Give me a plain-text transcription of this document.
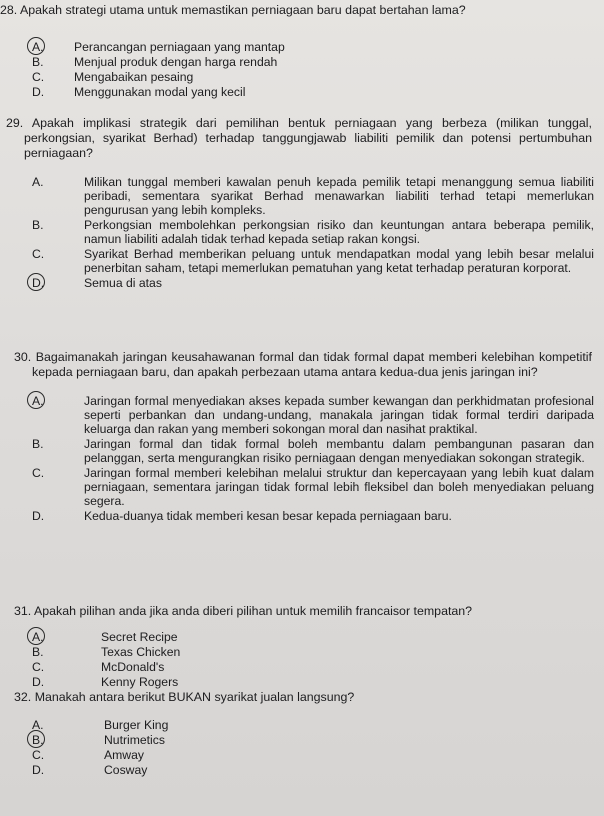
28. Apakah strategi utama untuk memastikan perniagaan baru dapat bertahan lama?

A.	Perancangan perniagaan yang mantap
B.	Menjual produk dengan harga rendah
C.	Mengabaikan pesaing
D.	Menggunakan modal yang kecil

29. Apakah implikasi strategik dari pemilihan bentuk perniagaan yang berbeza (milikan tunggal, perkongsian, syarikat Berhad) terhadap tanggungjawab liabiliti pemilik dan potensi pertumbuhan perniagaan?

A.	Milikan tunggal memberi kawalan penuh kepada pemilik tetapi menanggung semua liabiliti peribadi, sementara syarikat Berhad menawarkan liabiliti terhad tetapi memerlukan pengurusan yang lebih kompleks.
B.	Perkongsian membolehkan perkongsian risiko dan keuntungan antara beberapa pemilik, namun liabiliti adalah tidak terhad kepada setiap rakan kongsi.
C.	Syarikat Berhad memberikan peluang untuk mendapatkan modal yang lebih besar melalui penerbitan saham, tetapi memerlukan pematuhan yang ketat terhadap peraturan korporat.
D.	Semua di atas

30. Bagaimanakah jaringan keusahawanan formal dan tidak formal dapat memberi kelebihan kompetitif kepada perniagaan baru, dan apakah perbezaan utama antara kedua-dua jenis jaringan ini?

A.	Jaringan formal menyediakan akses kepada sumber kewangan dan perkhidmatan profesional seperti perbankan dan undang-undang, manakala jaringan tidak formal terdiri daripada keluarga dan rakan yang memberi sokongan moral dan nasihat praktikal.
B.	Jaringan formal dan tidak formal boleh membantu dalam pembangunan pasaran dan pelanggan, serta mengurangkan risiko perniagaan dengan menyediakan sokongan strategik.
C.	Jaringan formal memberi kelebihan melalui struktur dan kepercayaan yang lebih kuat dalam perniagaan, sementara jaringan tidak formal lebih fleksibel dan boleh menyediakan peluang segera.
D.	Kedua-duanya tidak memberi kesan besar kepada perniagaan baru.

31. Apakah pilihan anda jika anda diberi pilihan untuk memilih francaisor tempatan?

A.	Secret Recipe
B.	Texas Chicken
C.	McDonald's
D.	Kenny Rogers

32. Manakah antara berikut BUKAN syarikat jualan langsung?

A.	Burger King
B.	Nutrimetics
C.	Amway
D.	Cosway
